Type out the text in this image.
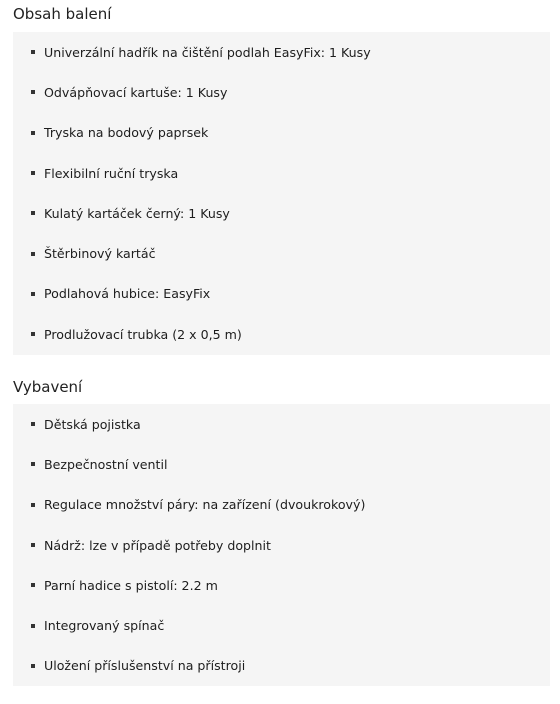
Obsah balení
Univerzální hadřík na čištění podlah EasyFix: 1 Kusy
Odvápňovací kartuše: 1 Kusy
Tryska na bodový paprsek
Flexibilní ruční tryska
Kulatý kartáček černý: 1 Kusy
Štěrbinový kartáč
Podlahová hubice: EasyFix
Prodlužovací trubka (2 x 0,5 m)
Vybavení
Dětská pojistka
Bezpečnostní ventil
Regulace množství páry: na zařízení (dvoukrokový)
Nádrž: lze v případě potřeby doplnit
Parní hadice s pistolí: 2.2 m
Integrovaný spínač
Uložení příslušenství na přístroji
